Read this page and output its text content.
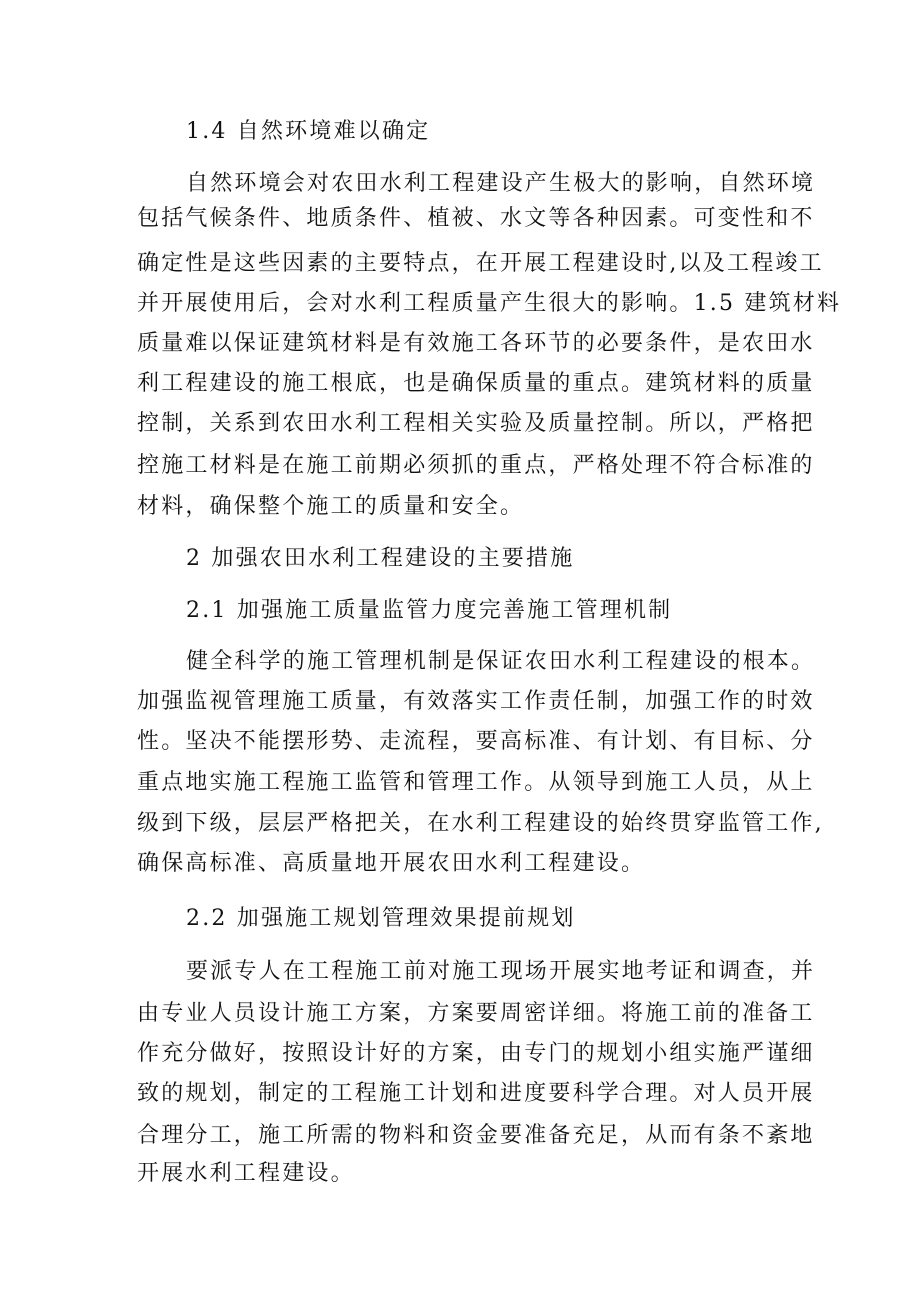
1.4 自然环境难以确定
自然环境会对农田水利工程建设产生极大的影响，自然环境
包括气候条件、地质条件、植被、水文等各种因素。可变性和不
确定性是这些因素的主要特点，在开展工程建设时,以及工程竣工
并开展使用后，会对水利工程质量产生很大的影响。1.5 建筑材料
质量难以保证建筑材料是有效施工各环节的必要条件，是农田水
利工程建设的施工根底，也是确保质量的重点。建筑材料的质量
控制，关系到农田水利工程相关实验及质量控制。所以，严格把
控施工材料是在施工前期必须抓的重点，严格处理不符合标准的
材料，确保整个施工的质量和安全。
2 加强农田水利工程建设的主要措施
2.1 加强施工质量监管力度完善施工管理机制
健全科学的施工管理机制是保证农田水利工程建设的根本。
加强监视管理施工质量，有效落实工作责任制，加强工作的时效
性。坚决不能摆形势、走流程，要高标准、有计划、有目标、分
重点地实施工程施工监管和管理工作。从领导到施工人员，从上
级到下级，层层严格把关，在水利工程建设的始终贯穿监管工作,
确保高标准、高质量地开展农田水利工程建设。
2.2 加强施工规划管理效果提前规划
要派专人在工程施工前对施工现场开展实地考证和调查，并
由专业人员设计施工方案，方案要周密详细。将施工前的准备工
作充分做好，按照设计好的方案，由专门的规划小组实施严谨细
致的规划，制定的工程施工计划和进度要科学合理。对人员开展
合理分工，施工所需的物料和资金要准备充足，从而有条不紊地
开展水利工程建设。
